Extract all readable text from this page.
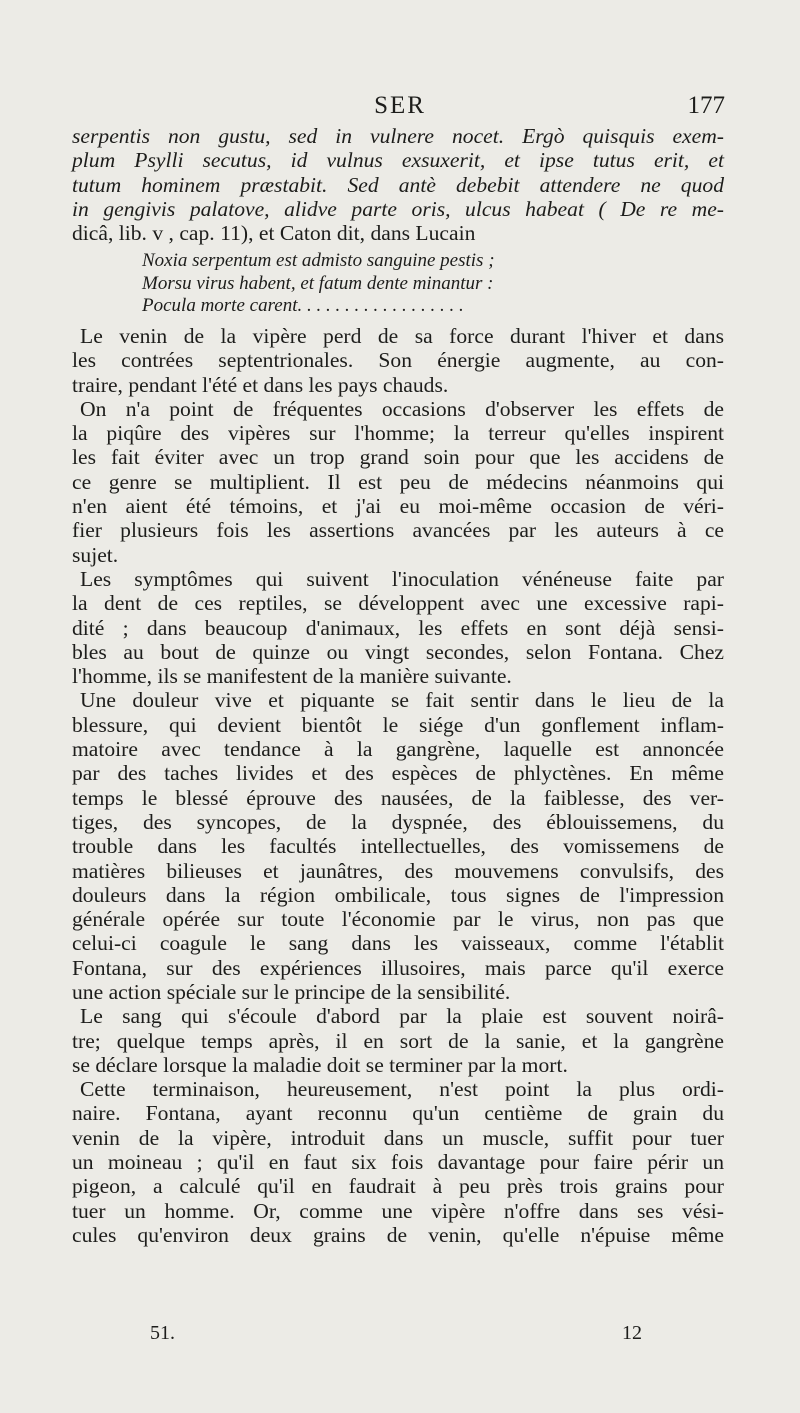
SER	177
serpentis non gustu, sed in vulnere nocet. Ergò quisquis exem-
plum Psylli secutus, id vulnus exsuxerit, et ipse tutus erit, et
tutum hominem præstabit. Sed antè debebit attendere ne quod
in gengivis palatove, alidve parte oris, ulcus habeat ( De re me-
dicâ, lib. v , cap. 11), et Caton dit, dans Lucain
Noxia serpentum est admisto sanguine pestis ;
Morsu virus habent, et fatum dente minantur :
Pocula morte carent. . . . . . . . . . . . . . . . . .
Le venin de la vipère perd de sa force durant l'hiver et dans
les contrées septentrionales. Son énergie augmente, au con-
traire, pendant l'été et dans les pays chauds.
On n'a point de fréquentes occasions d'observer les effets de
la piqûre des vipères sur l'homme; la terreur qu'elles inspirent
les fait éviter avec un trop grand soin pour que les accidens de
ce genre se multiplient. Il est peu de médecins néanmoins qui
n'en aient été témoins, et j'ai eu moi-même occasion de véri-
fier plusieurs fois les assertions avancées par les auteurs à ce
sujet.
Les symptômes qui suivent l'inoculation vénéneuse faite par
la dent de ces reptiles, se développent avec une excessive rapi-
dité ; dans beaucoup d'animaux, les effets en sont déjà sensi-
bles au bout de quinze ou vingt secondes, selon Fontana. Chez
l'homme, ils se manifestent de la manière suivante.
Une douleur vive et piquante se fait sentir dans le lieu de la
blessure, qui devient bientôt le siége d'un gonflement inflam-
matoire avec tendance à la gangrène, laquelle est annoncée
par des taches livides et des espèces de phlyctènes. En même
temps le blessé éprouve des nausées, de la faiblesse, des ver-
tiges, des syncopes, de la dyspnée, des éblouissemens, du
trouble dans les facultés intellectuelles, des vomissemens de
matières bilieuses et jaunâtres, des mouvemens convulsifs, des
douleurs dans la région ombilicale, tous signes de l'impression
générale opérée sur toute l'économie par le virus, non pas que
celui-ci coagule le sang dans les vaisseaux, comme l'établit
Fontana, sur des expériences illusoires, mais parce qu'il exerce
une action spéciale sur le principe de la sensibilité.
Le sang qui s'écoule d'abord par la plaie est souvent noirâ-
tre; quelque temps après, il en sort de la sanie, et la gangrène
se déclare lorsque la maladie doit se terminer par la mort.
Cette terminaison, heureusement, n'est point la plus ordi-
naire. Fontana, ayant reconnu qu'un centième de grain du
venin de la vipère, introduit dans un muscle, suffit pour tuer
un moineau ; qu'il en faut six fois davantage pour faire périr un
pigeon, a calculé qu'il en faudrait à peu près trois grains pour
tuer un homme. Or, comme une vipère n'offre dans ses vési-
cules qu'environ deux grains de venin, qu'elle n'épuise même
51.	12
